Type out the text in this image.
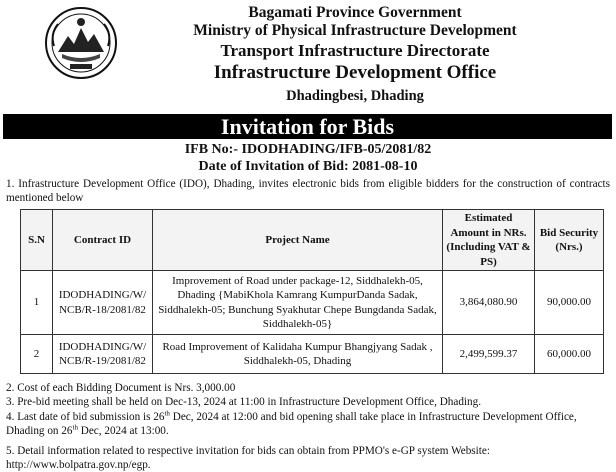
Bagamati Province Government
Ministry of Physical Infrastructure Development
Transport Infrastructure Directorate
Infrastructure Development Office
Dhadingbesi, Dhading
Invitation for Bids
IFB No:- IDODHADING/IFB-05/2081/82
Date of Invitation of Bid: 2081-08-10
1. Infrastructure Development Office (IDO), Dhading, invites electronic bids from eligible bidders for the construction of contracts mentioned below
S.N	Contract ID	Project Name	Estimated Amount in NRs. (Including VAT & PS)	Bid Security (Nrs.)
1	IDODHADING/W/ NCB/R-18/2081/82	Improvement of Road under package-12, Siddhalekh-05, Dhading {MabiKhola Kamrang KumpurDanda Sadak, Siddhalekh-05; Bunchung Syakhutar Chepe Bungdanda Sadak, Siddhalekh-05}	3,864,080.90	90,000.00
2	IDODHADING/W/ NCB/R-19/2081/82	Road Improvement of Kalidaha Kumpur Bhangjyang Sadak , Siddhalekh-05, Dhading	2,499,599.37	60,000.00
2. Cost of each Bidding Document is Nrs. 3,000.00
3. Pre-bid meeting shall be held on Dec-13, 2024 at 11:00 in Infrastructure Development Office, Dhading.
4. Last date of bid submission is 26th Dec, 2024 at 12:00 and bid opening shall take place in Infrastructure Development Office, Dhading on 26th Dec, 2024 at 13:00.
5. Detail information related to respective invitation for bids can obtain from PPMO's e-GP system Website: http://www.bolpatra.gov.np/egp.
